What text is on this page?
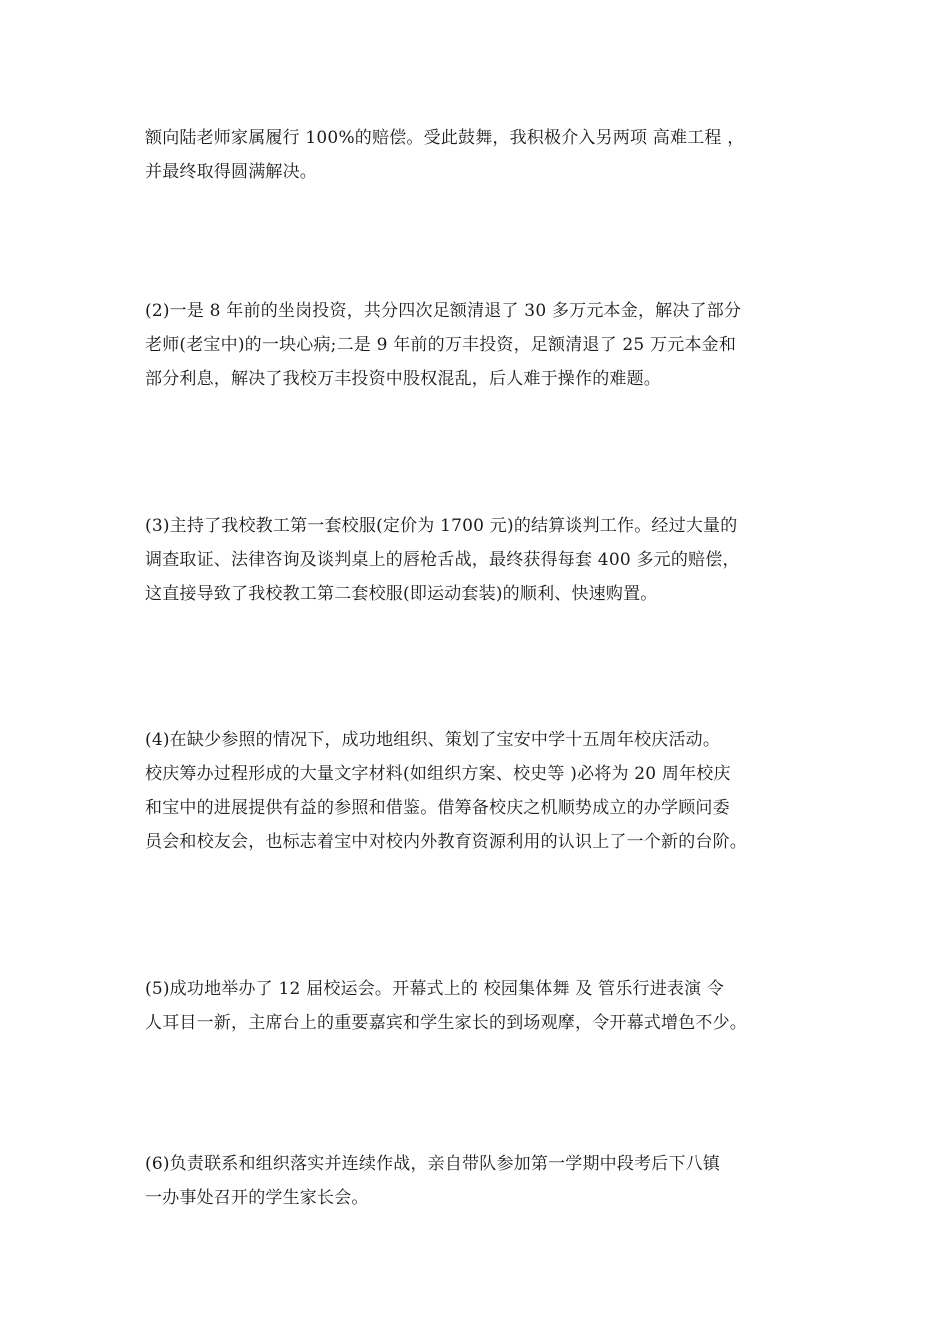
额向陆老师家属履行 100%的赔偿。受此鼓舞，我积极介入另两项 高难工程 ，
并最终取得圆满解决。

(2)一是 8 年前的坐岗投资，共分四次足额清退了 30 多万元本金，解决了部分
老师(老宝中)的一块心病;二是 9 年前的万丰投资，足额清退了 25 万元本金和
部分利息，解决了我校万丰投资中股权混乱，后人难于操作的难题。

(3)主持了我校教工第一套校服(定价为 1700 元)的结算谈判工作。经过大量的
调查取证、法律咨询及谈判桌上的唇枪舌战，最终获得每套 400 多元的赔偿，
这直接导致了我校教工第二套校服(即运动套装)的顺利、快速购置。

(4)在缺少参照的情况下，成功地组织、策划了宝安中学十五周年校庆活动。
校庆筹办过程形成的大量文字材料(如组织方案、校史等 )必将为 20 周年校庆
和宝中的进展提供有益的参照和借鉴。借筹备校庆之机顺势成立的办学顾问委
员会和校友会，也标志着宝中对校内外教育资源利用的认识上了一个新的台阶。

(5)成功地举办了 12 届校运会。开幕式上的 校园集体舞 及 管乐行进表演 令
人耳目一新，主席台上的重要嘉宾和学生家长的到场观摩，令开幕式增色不少。

(6)负责联系和组织落实并连续作战，亲自带队参加第一学期中段考后下八镇
一办事处召开的学生家长会。
